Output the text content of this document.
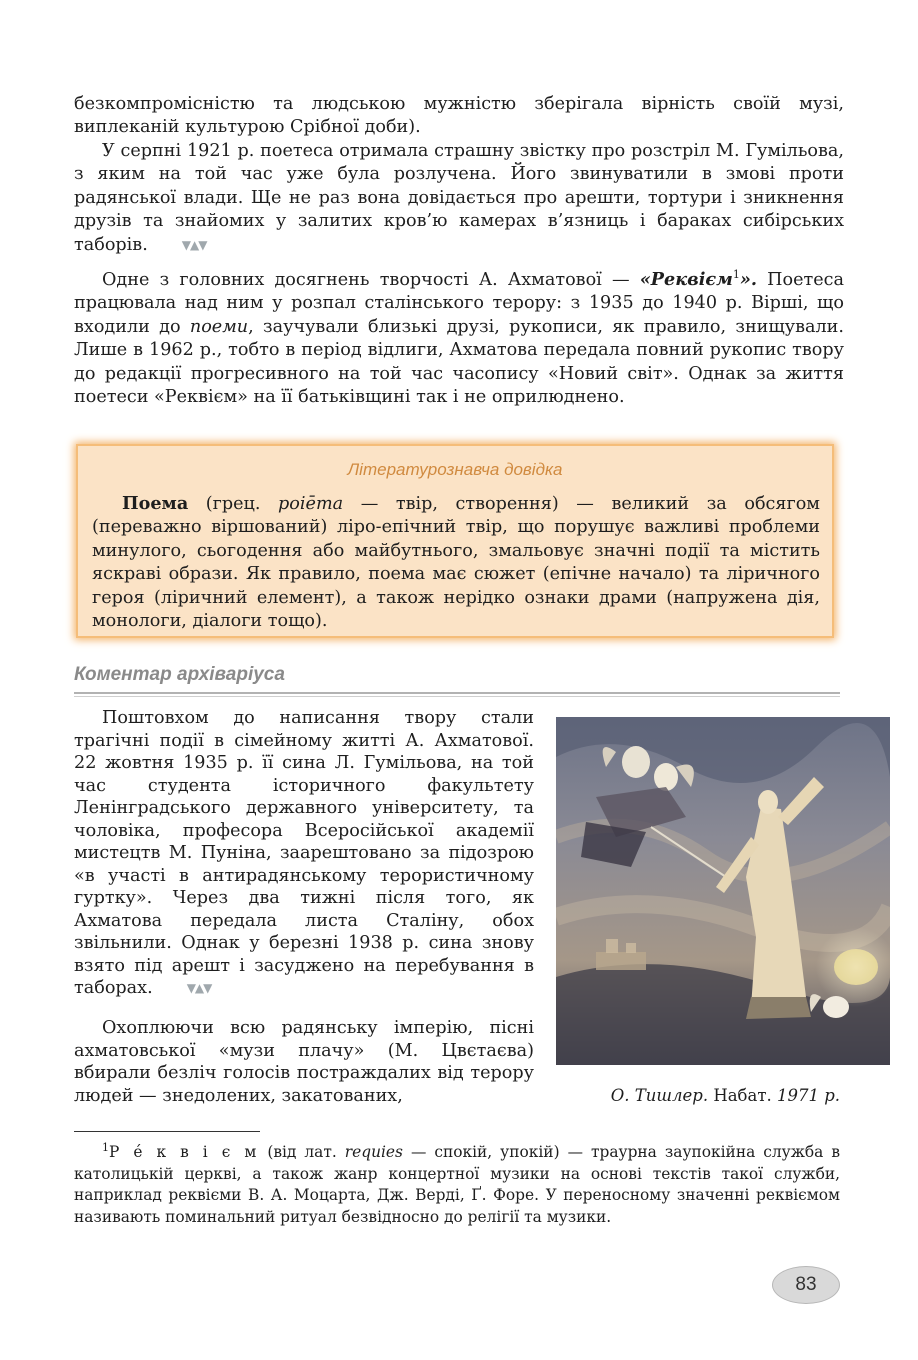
безкомпромісністю та людською мужністю зберігала вірність своїй музі, виплеканій культурою Срібної доби).

У серпні 1921 р. поетеса отримала страшну звістку про розстріл М. Гумільова, з яким на той час уже була розлучена. Його звинуватили в змові проти радянської влади. Ще не раз вона довідається про арешти, тортури і зникнення друзів та знайомих у залитих кров’ю камерах в’язниць і бараках сибірських таборів.	▼▲▼

Одне з головних досягнень творчості А. Ахматової — «Реквієм$^1$». Поетеса працювала над ним у розпал сталінського терору: з 1935 до 1940 р. Вірші, що входили до поеми, заучували близькі друзі, рукописи, як правило, знищували. Лише в 1962 р., тобто в період відлиги, Ахматова передала повний рукопис твору до редакції прогресивного на той час часопису «Новий світ». Однак за життя поетеси «Реквієм» на її батьківщині так і не оприлюднено.

Літературознавча довідка

Поема (грец. poiēma — твір, створення) — великий за обсягом (переважно віршований) ліро-епічний твір, що порушує важливі проблеми минулого, сьогодення або майбутнього, змальовує значні події та містить яскраві образи. Як правило, поема має сюжет (епічне начало) та ліричного героя (ліричний елемент), а також нерідко ознаки драми (напружена дія, монологи, діалоги тощо).

Коментар архіваріуса

Поштовхом до написання твору стали трагічні події в сімейному житті А. Ахматової. 22 жовтня 1935 р. її сина Л. Гумільова, на той час студента історичного факультету Ленінградського державного університету, та чоловіка, професора Всеросійської академії мистецтв М. Пуніна, заарештовано за підозрою «в участі в антирадянському терористичному гуртку». Через два тижні після того, як Ахматова передала листа Сталіну, обох звільнили. Однак у березні 1938 р. сина знову взято під арешт і засуджено на перебування в таборах.	▼▲▼

Охоплюючи всю радянську імперію, пісні ахматовської «музи плачу» (М. Цвєтаєва) вбирали безліч голосів постраждалих від терору людей — знедолених, закатованих,	О. Тишлер. Набат. 1971 р.

$^1$Р е́ к в і є м (від лат. requies — спокій, упокій) — траурна заупокійна служба в католицькій церкві, а також жанр концертної музики на основі текстів такої служби, наприклад реквієми В. А. Моцарта, Дж. Верді, Ґ. Форе. У переносному значенні реквіємом називають поминальний ритуал безвідносно до релігії та музики.

83
